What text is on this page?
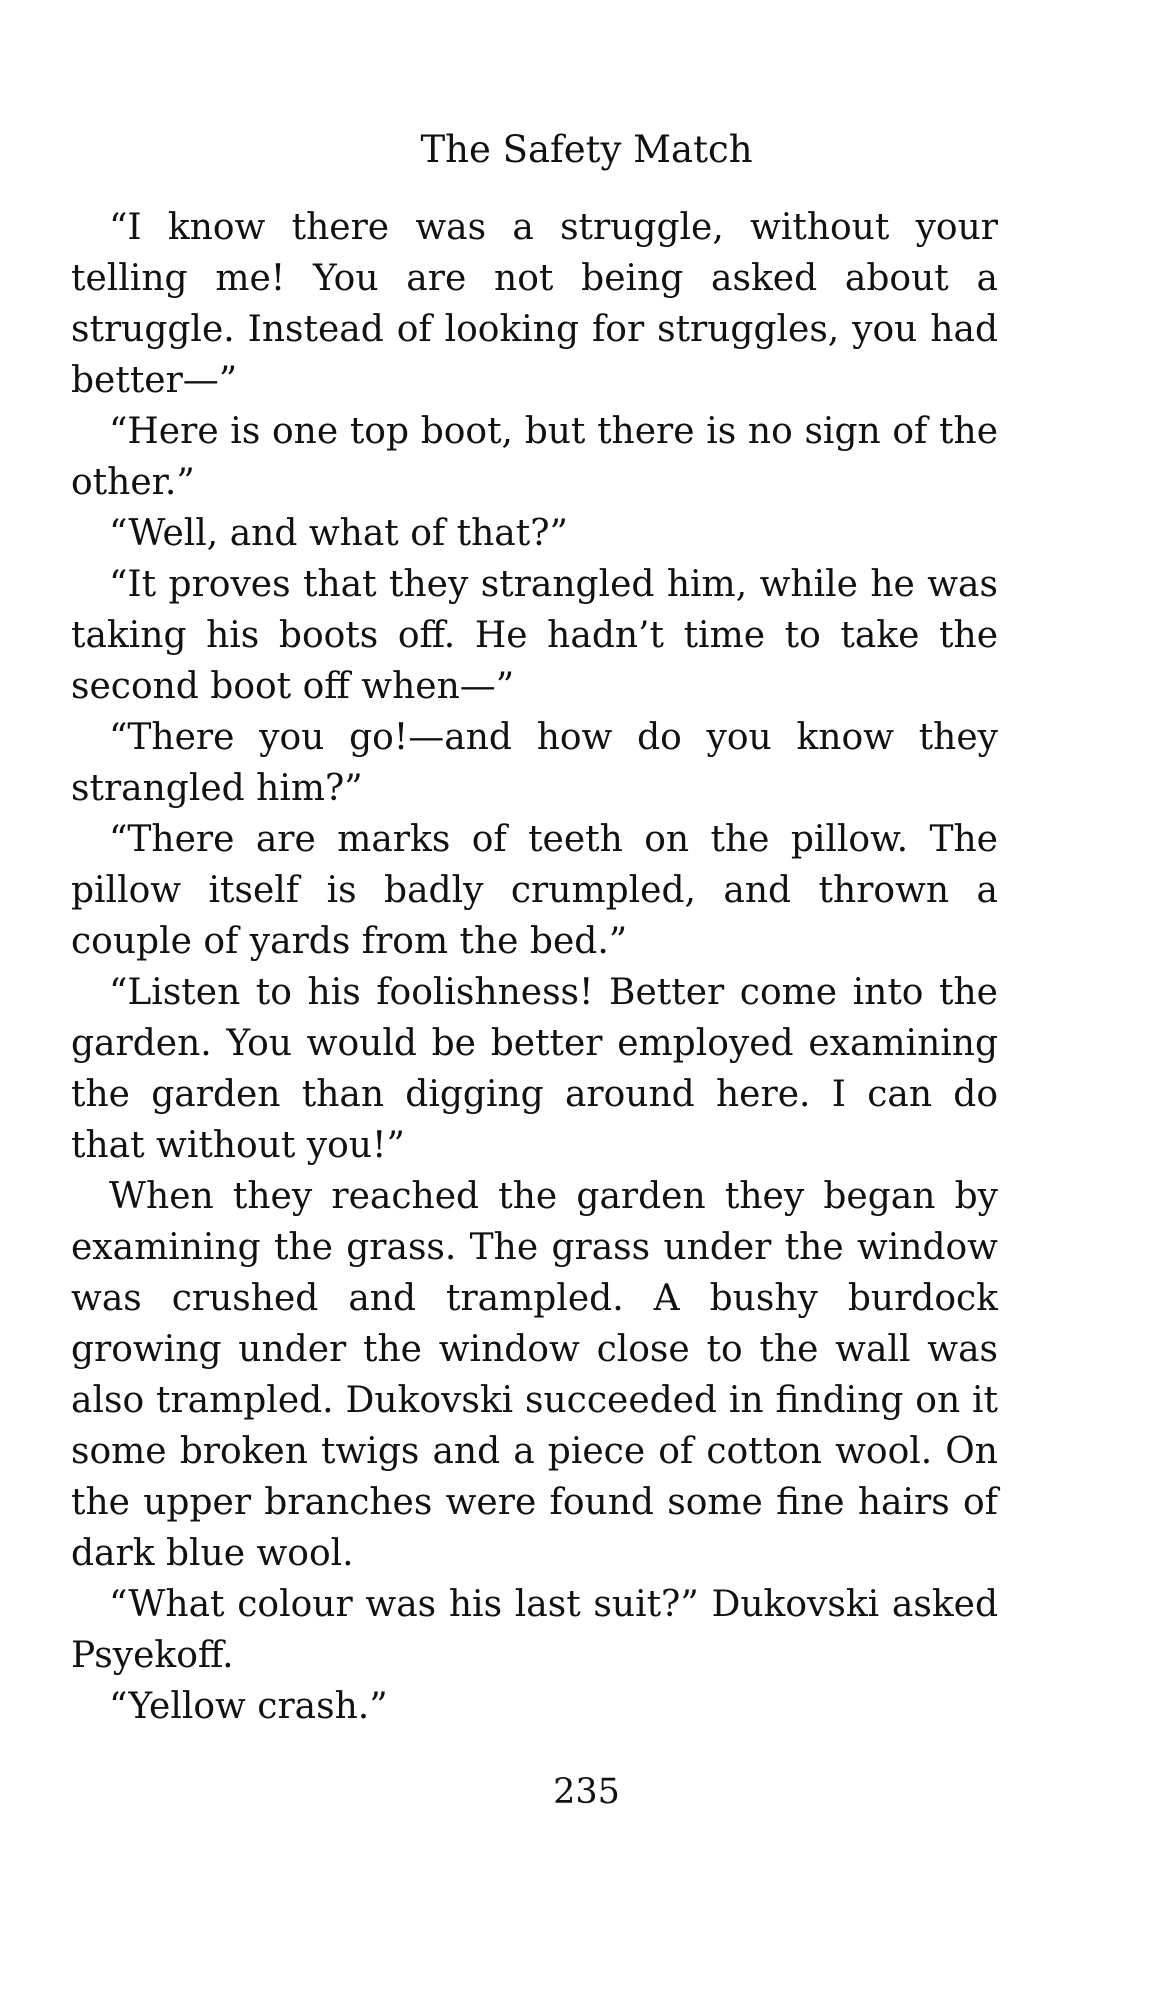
The Safety Match

“I know there was a struggle, without your telling me! You are not being asked about a struggle. Instead of looking for struggles, you had better—”

“Here is one top boot, but there is no sign of the other.”

“Well, and what of that?”

“It proves that they strangled him, while he was taking his boots off. He hadn’t time to take the second boot off when—”

“There you go!—and how do you know they strangled him?”

“There are marks of teeth on the pillow. The pillow itself is badly crumpled, and thrown a couple of yards from the bed.”

“Listen to his foolishness! Better come into the garden. You would be better employed examining the garden than digging around here. I can do that without you!”

When they reached the garden they began by examining the grass. The grass under the window was crushed and trampled. A bushy burdock growing under the window close to the wall was also trampled. Dukovski succeeded in finding on it some broken twigs and a piece of cotton wool. On the upper branches were found some fine hairs of dark blue wool.

“What colour was his last suit?” Dukovski asked Psyekoff.

“Yellow crash.”

235
